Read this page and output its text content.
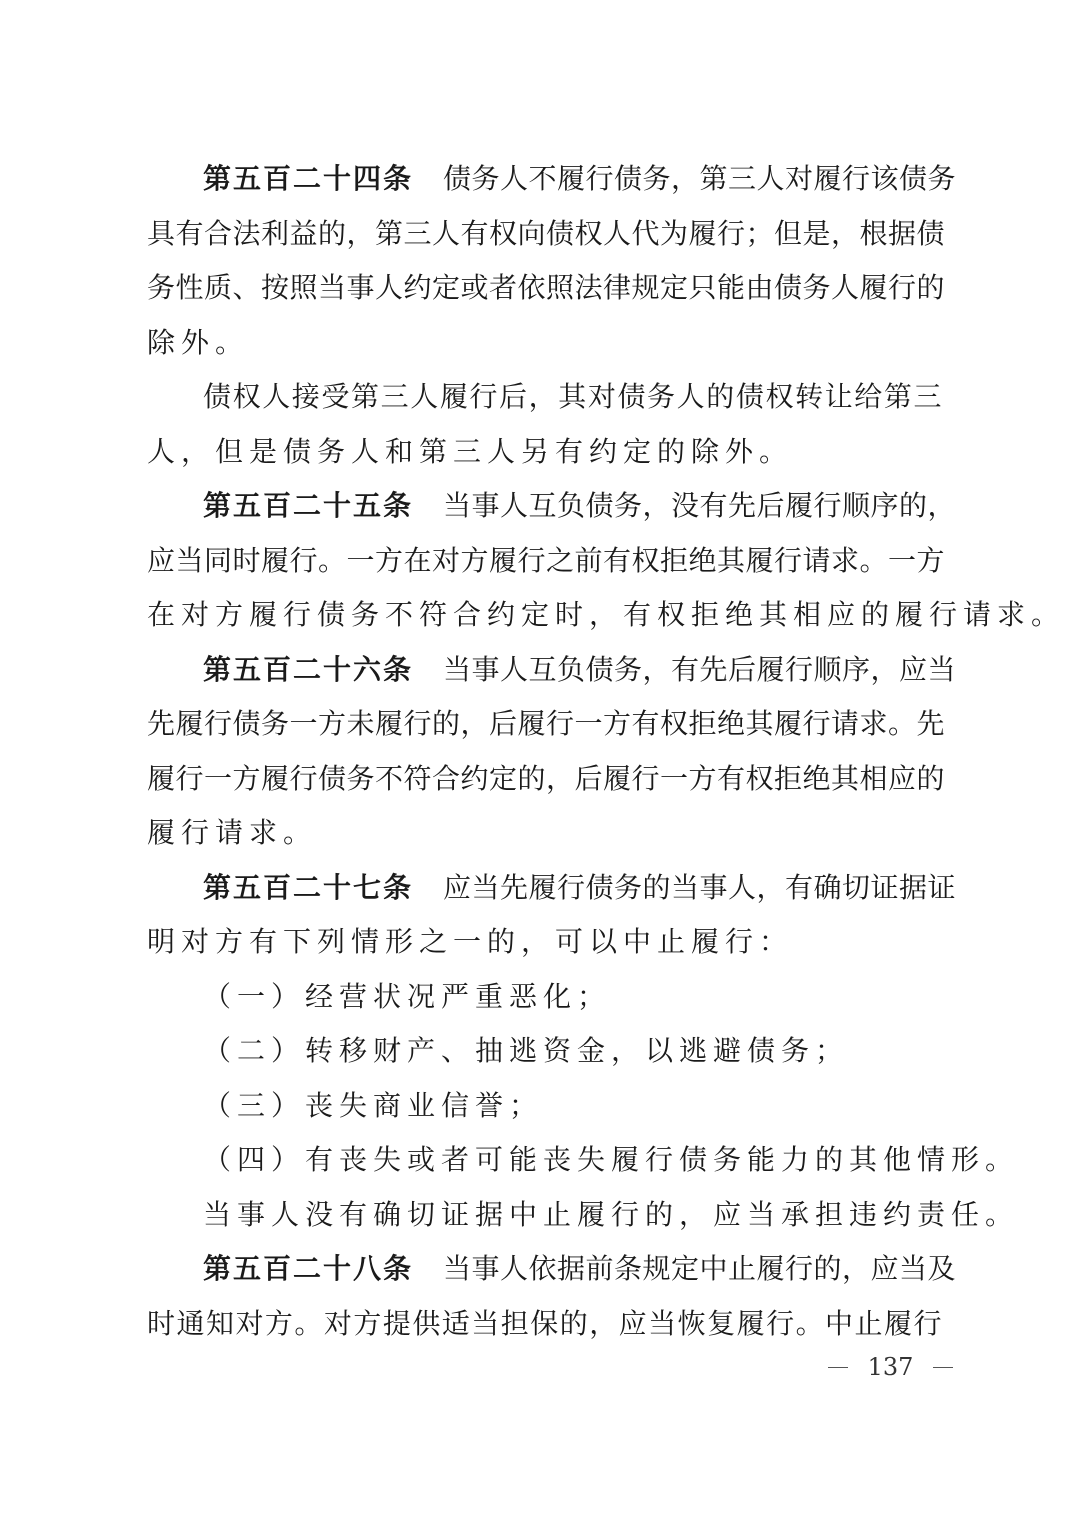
第五百二十四条 债务人不履行债务，第三人对履行该债务
具有合法利益的，第三人有权向债权人代为履行；但是，根据债
务性质、按照当事人约定或者依照法律规定只能由债务人履行的
除外。
债权人接受第三人履行后，其对债务人的债权转让给第三
人，但是债务人和第三人另有约定的除外。
第五百二十五条 当事人互负债务，没有先后履行顺序的，
应当同时履行。一方在对方履行之前有权拒绝其履行请求。一方
在对方履行债务不符合约定时，有权拒绝其相应的履行请求。
第五百二十六条 当事人互负债务，有先后履行顺序，应当
先履行债务一方未履行的，后履行一方有权拒绝其履行请求。先
履行一方履行债务不符合约定的，后履行一方有权拒绝其相应的
履行请求。
第五百二十七条 应当先履行债务的当事人，有确切证据证
明对方有下列情形之一的，可以中止履行：
（一）经营状况严重恶化；
（二）转移财产、抽逃资金，以逃避债务；
（三）丧失商业信誉；
（四）有丧失或者可能丧失履行债务能力的其他情形。
当事人没有确切证据中止履行的，应当承担违约责任。
第五百二十八条 当事人依据前条规定中止履行的，应当及
时通知对方。对方提供适当担保的，应当恢复履行。中止履行
137
